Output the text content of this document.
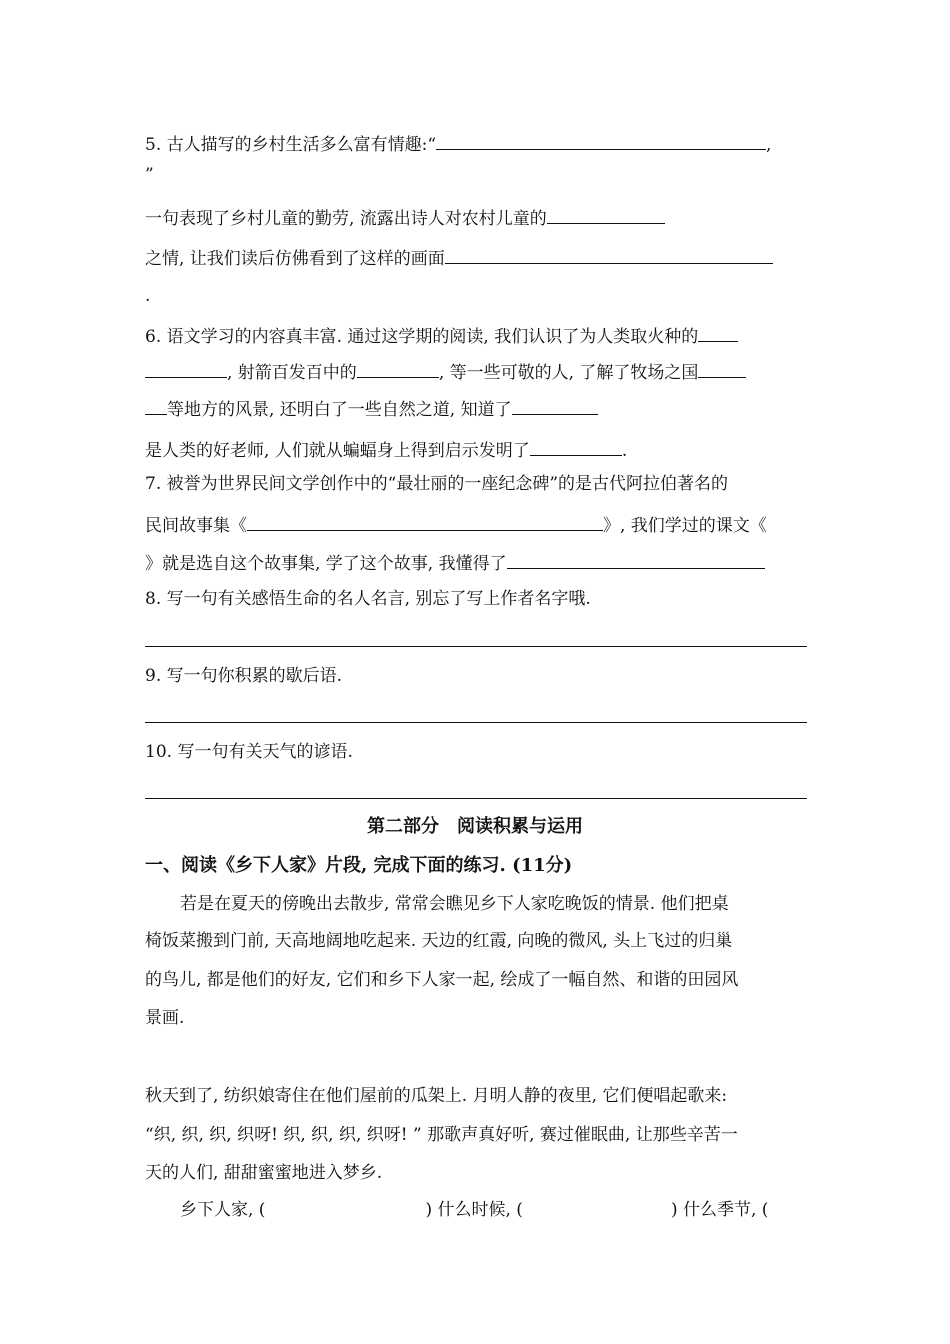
5. 古人描写的乡村生活多么富有情趣:“	,
”
一句表现了乡村儿童的勤劳, 流露出诗人对农村儿童的
之情, 让我们读后仿佛看到了这样的画面
.
6. 语文学习的内容真丰富. 通过这学期的阅读, 我们认识了为人类取火种的
, 射箭百发百中的	, 等一些可敬的人, 了解了牧场之国
等地方的风景, 还明白了一些自然之道, 知道了
是人类的好老师, 人们就从蝙蝠身上得到启示发明了	.
7. 被誉为世界民间文学创作中的“最壮丽的一座纪念碑”的是古代阿拉伯著名的
民间故事集《	》, 我们学过的课文《
》就是选自这个故事集, 学了这个故事, 我懂得了
8. 写一句有关感悟生命的名人名言, 别忘了写上作者名字哦.
9. 写一句你积累的歇后语.
10. 写一句有关天气的谚语.
第二部分　阅读积累与运用
一、阅读《乡下人家》片段, 完成下面的练习. (11分)
若是在夏天的傍晚出去散步, 常常会瞧见乡下人家吃晚饭的情景. 他们把桌
椅饭菜搬到门前, 天高地阔地吃起来. 天边的红霞, 向晚的微风, 头上飞过的归巢
的鸟儿, 都是他们的好友, 它们和乡下人家一起, 绘成了一幅自然、和谐的田园风
景画.
秋天到了, 纺织娘寄住在他们屋前的瓜架上. 月明人静的夜里, 它们便唱起歌来:
“织, 织, 织, 织呀! 织, 织, 织, 织呀! ” 那歌声真好听, 赛过催眠曲, 让那些辛苦一
天的人们, 甜甜蜜蜜地进入梦乡.
乡下人家, (	) 什么时候, (	) 什么季节, (
